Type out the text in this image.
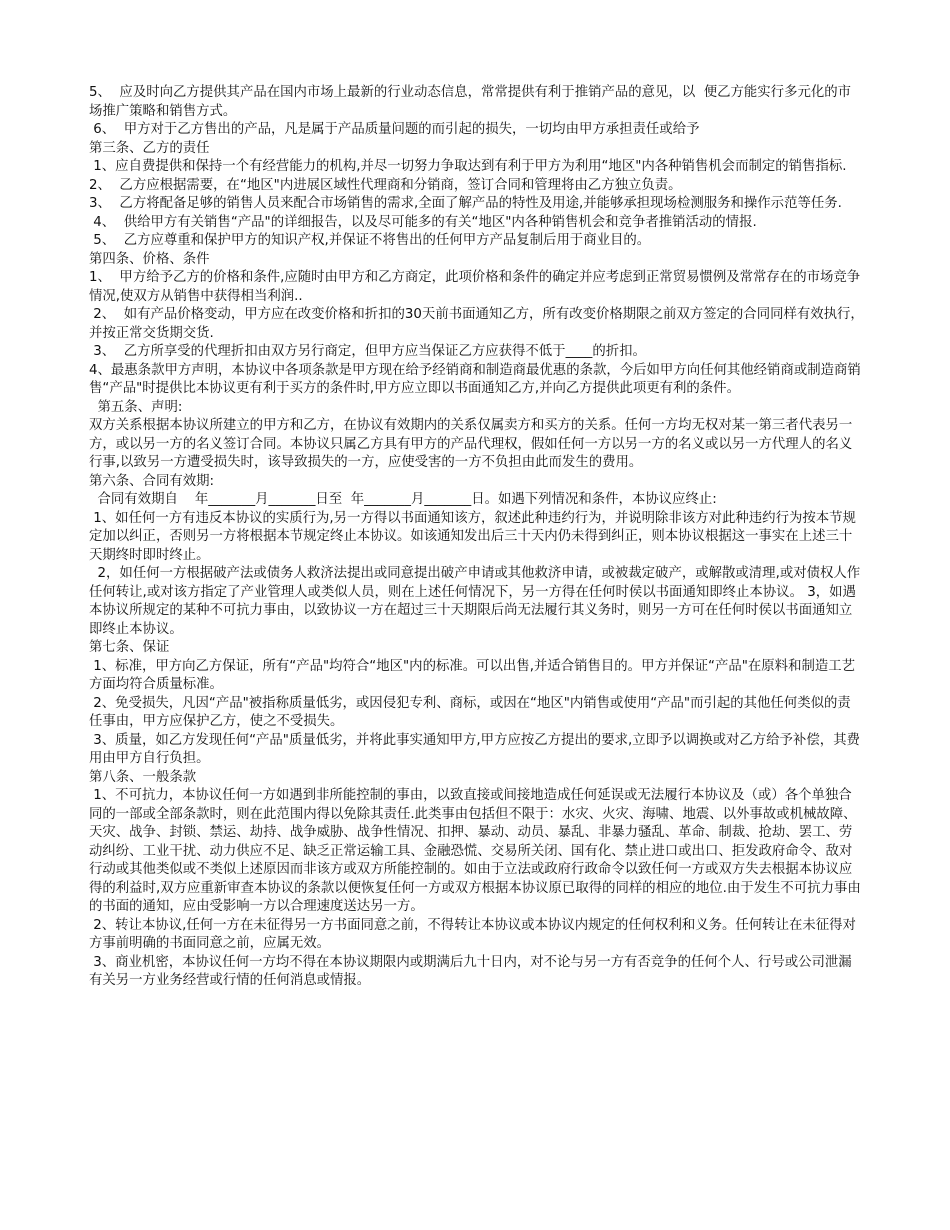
5、  应及时向乙方提供其产品在国内市场上最新的行业动态信息，常常提供有利于推销产品的意见，以  便乙方能实行多元化的市场推广策略和销售方式。

6、  甲方对于乙方售出的产品，凡是属于产品质量问题的而引起的损失，一切均由甲方承担责任或给予

第三条、乙方的责任

1、应自费提供和保持一个有经营能力的机构,并尽一切努力争取达到有利于甲方为利用“地区"内各种销售机会而制定的销售指标.

2、  乙方应根据需要，在“地区"内进展区域性代理商和分销商，签订合同和管理将由乙方独立负责。

3、  乙方将配备足够的销售人员来配合市场销售的需求,全面了解产品的特性及用途,并能够承担现场检测服务和操作示范等任务.

4、  供给甲方有关销售“产品"的详细报告，以及尽可能多的有关“地区"内各种销售机会和竞争者推销活动的情报.

5、  乙方应尊重和保护甲方的知识产权,并保证不将售出的任何甲方产品复制后用于商业目的。

第四条、价格、条件

1、  甲方给予乙方的价格和条件,应随时由甲方和乙方商定，此项价格和条件的确定并应考虑到正常贸易惯例及常常存在的市场竞争情况,使双方从销售中获得相当利润..

2、  如有产品价格变动，甲方应在改变价格和折扣的30天前书面通知乙方，所有改变价格期限之前双方签定的合同同样有效执行，并按正常交货期交货.

3、  乙方所享受的代理折扣由双方另行商定，但甲方应当保证乙方应获得不低于____的折扣。

4、最惠条款甲方声明，本协议中各项条款是甲方现在给予经销商和制造商最优惠的条款，今后如甲方向任何其他经销商或制造商销售“产品"时提供比本协议更有利于买方的条件时,甲方应立即以书面通知乙方,并向乙方提供此项更有利的条件。

第五条、声明:

双方关系根据本协议所建立的甲方和乙方，在协议有效期内的关系仅属卖方和买方的关系。任何一方均无权对某一第三者代表另一方，或以另一方的名义签订合同。本协议只属乙方具有甲方的产品代理权，假如任何一方以另一方的名义或以另一方代理人的名义行事,以致另一方遭受损失时，该导致损失的一方，应使受害的一方不负担由此而发生的费用。

第六条、合同有效期:

合同有效期自    年_______月_______日至  年_______月_______日。如遇下列情况和条件，本协议应终止:

1、如任何一方有违反本协议的实质行为,另一方得以书面通知该方，叙述此种违约行为，并说明除非该方对此种违约行为按本节规定加以纠正，否则另一方将根据本节规定终止本协议。如该通知发出后三十天内仍未得到纠正，则本协议根据这一事实在上述三十天期终时即时终止。

2，如任何一方根据破产法或债务人救济法提出或同意提出破产申请或其他救济申请，或被裁定破产，或解散或清理,或对债权人作任何转让,或对该方指定了产业管理人或类似人员，则在上述任何情况下，另一方得在任何时侯以书面通知即终止本协议。 3，如遇本协议所规定的某种不可抗力事由，以致协议一方在超过三十天期限后尚无法履行其义务时，则另一方可在任何时侯以书面通知立即终止本协议。

第七条、保证

1、标准，甲方向乙方保证，所有“产品"均符合“地区"内的标准。可以出售,并适合销售目的。甲方并保证“产品"在原料和制造工艺方面均符合质量标准。

2、免受损失，凡因“产品"被指称质量低劣，或因侵犯专利、商标，或因在“地区"内销售或使用“产品"而引起的其他任何类似的责任事由，甲方应保护乙方，使之不受损失。

3、质量，如乙方发现任何“产品"质量低劣，并将此事实通知甲方,甲方应按乙方提出的要求,立即予以调换或对乙方给予补偿，其费用由甲方自行负担。

第八条、一般条款

1、不可抗力，本协议任何一方如遇到非所能控制的事由，以致直接或间接地造成任何延误或无法履行本协议及（或）各个单独合同的一部或全部条款时，则在此范围内得以免除其责任.此类事由包括但不限于：水灾、火灾、海啸、地震、以外事故或机械故障、天灾、战争、封锁、禁运、劫持、战争威胁、战争性情况、扣押、暴动、动员、暴乱、非暴力骚乱、革命、制裁、抢劫、罢工、劳动纠纷、工业干扰、动力供应不足、缺乏正常运输工具、金融恐慌、交易所关闭、国有化、禁止进口或出口、拒发政府命令、敌对行动或其他类似或不类似上述原因而非该方或双方所能控制的。如由于立法或政府行政命令以致任何一方或双方失去根据本协议应得的利益时,双方应重新审查本协议的条款以便恢复任何一方或双方根据本协议原已取得的同样的相应的地位.由于发生不可抗力事由的书面的通知，应由受影响一方以合理速度送达另一方。

2、转让本协议,任何一方在未征得另一方书面同意之前，不得转让本协议或本协议内规定的任何权利和义务。任何转让在未征得对方事前明确的书面同意之前，应属无效。

3、商业机密，本协议任何一方均不得在本协议期限内或期满后九十日内，对不论与另一方有否竞争的任何个人、行号或公司泄漏有关另一方业务经营或行情的任何消息或情报。
